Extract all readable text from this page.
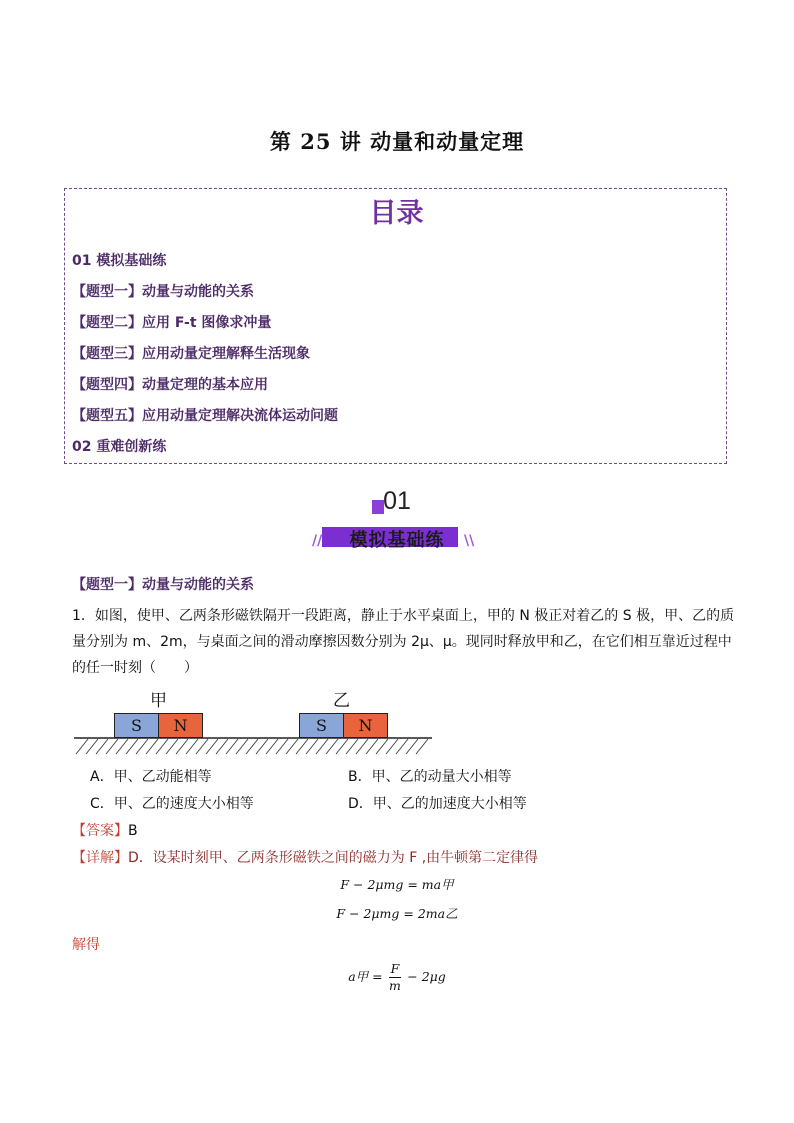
第 25 讲 动量和动量定理
目录
01 模拟基础练
【题型一】动量与动能的关系
【题型二】应用 F-t 图像求冲量
【题型三】应用动量定理解释生活现象
【题型四】动量定理的基本应用
【题型五】应用动量定理解决流体运动问题
02 重难创新练
01
模拟基础练
//	\\
【题型一】动量与动能的关系
1．如图，使甲、乙两条形磁铁隔开一段距离，静止于水平桌面上，甲的 N 极正对着乙的 S 极，甲、乙的质
量分别为 m、2m，与桌面之间的滑动摩擦因数分别为 2μ、μ。现同时释放甲和乙，在它们相互靠近过程中
的任一时刻（　　）
甲	乙
S	N	S	N
A．甲、乙动能相等	B．甲、乙的动量大小相等
C．甲、乙的速度大小相等	D．甲、乙的加速度大小相等
【答案】B
【详解】D．设某时刻甲、乙两条形磁铁之间的磁力为 F ,由牛顿第二定律得
F − 2μmg = ma甲
F − 2μmg = 2ma乙
解得
a甲 = $\frac{F}{m} - 2\mu g$
